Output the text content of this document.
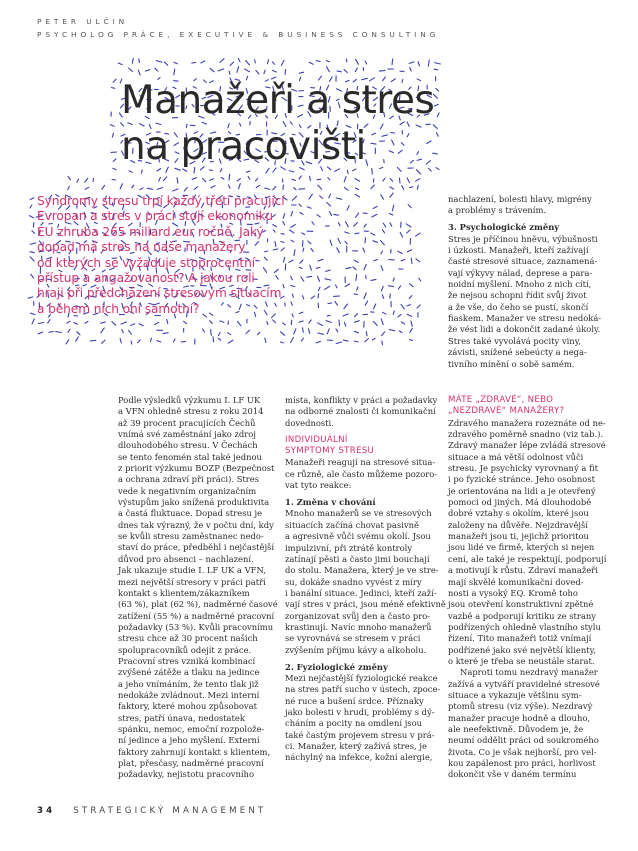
PETER ULČIN
PSYCHOLOG PRÁCE, EXECUTIVE & BUSINESS CONSULTING
Manažeři a stres
na pracovišti

Syndromy stresu trpí každý třetí pracující
Evropan a stres v práci stojí ekonomiku
EU zhruba 265 miliard eur ročně. Jaký
dopad má stres na naše manažery
od kterých se vyžaduje stoprocentní
přístup a angažovanost? A jakou roli
hraji při předcházení stresovým situacím
a během nich oni samotní?

Podle výsledků výzkumu I. LF UK
a VFN ohledně stresu z roku 2014
až 39 procent pracujících Čechů
vnímá své zaměstnání jako zdroj
dlouhodobého stresu. V Čechách
se tento fenomén stal také jednou
z priorit výzkumu BOZP (Bezpečnost
a ochrana zdraví při práci). Stres
vede k negativním organizačním
výstupům jako snížená produktivita
a častá fluktuace. Dopad stresu je
dnes tak výrazný, že v počtu dní, kdy
se kvůli stresu zaměstnanec nedo-
staví do práce, předběhl i nejčastější
důvod pro absenci – nachlazení.
Jak ukazuje studie I. LF UK a VFN,
mezi největší stresory v práci patří
kontakt s klientem/zákazníkem
(63 %), plat (62 %), nadměrné časové
zatížení (55 %) a nadměrné pracovní
požadavky (53 %). Kvůli pracovnímu
stresu chce až 30 procent našich
spolupracovníků odejít z práce.
Pracovní stres vzniká kombinací
zvýšené zátěže a tlaku na jedince
a jeho vnímáním, že tento tlak již
nedokáže zvládnout. Mezi interní
faktory, které mohou způsobovat
stres, patří únava, nedostatek
spánku, nemoc, emoční rozpolože-
ní jedince a jeho myšlení. Externí
faktory zahrnují kontakt s klientem,
plat, přesčasy, nadměrné pracovní
požadavky, nejistotu pracovního
místa, konflikty v práci a požadavky
na odborné znalosti či komunikační
dovednosti.
INDIVIDUÁLNÍ
SYMPTOMY STRESU
Manažeři reagují na stresové situa-
ce různě, ale často můžeme pozoro-
vat tyto reakce:
1. Změna v chování
Mnoho manažerů se ve stresových
situacích začíná chovat pasivně
a agresivně vůči svému okolí. Jsou
impulzivní, při ztrátě kontroly
zatínají pěsti a často jimi bouchají
do stolu. Manažera, který je ve stre-
su, dokáže snadno vyvést z míry
i banální situace. Jedinci, kteří zaží-
vají stres v práci, jsou méně efektivně
zorganizovat svůj den a často pro-
krastinují. Navíc mnoho manažerů
se vyrovnává se stresem v práci
zvýšením příjmu kávy a alkoholu.
2. Fyziologické změny
Mezi nejčastější fyziologické reakce
na stres patří sucho v ústech, zpoce-
né ruce a bušení srdce. Příznaky
jako bolesti v hrudi, problémy s dý-
cháním a pocity na omdlení jsou
také častým projevem stresu v prá-
ci. Manažer, který zažívá stres, je
náchylný na infekce, kožní alergie,
nachlazení, bolesti hlavy, migrény
a problémy s trávením.
3. Psychologické změny
Stres je příčinou hněvu, výbušnosti
i úzkosti. Manažeři, kteří zažívají
časté stresové situace, zaznamená-
vají výkyvy nálad, deprese a para-
noidní myšlení. Mnoho z nich cítí,
že nejsou schopni řídit svůj život
a že vše, do čeho se pustí, skončí
fiaskem. Manažer ve stresu nedoká-
že vést lidi a dokončit zadané úkoly.
Stres také vyvolává pocity viny,
závisti, snížené sebeúcty a nega-
tivního mínění o sobě samém.
MÁTE „ZDRAVÉ“, NEBO
„NEZDRAVÉ“ MANAŽERY?
Zdravého manažera rozeznáte od ne-
zdravého poměrně snadno (viz tab.).
Zdravý manažer lépe zvládá stresové
situace a má větší odolnost vůči
stresu. Je psychicky vyrovnaný a fit
i po fyzické stránce. Jeho osobnost
je orientována na lidi a je otevřený
pomoci od jiných. Má dlouhodobě
dobré vztahy s okolím, které jsou
založeny na důvěře. Nejzdravější
manažeři jsou ti, jejichž prioritou
jsou lidé ve firmě, kterých si nejen
cení, ale také je respektují, podporují
a motivují k růstu. Zdraví manažeři
mají skvělé komunikační doved-
nosti a vysoký EQ. Kromě toho
jsou otevření konstruktivní zpětné
vazbě a podporují kritiku ze strany
podřízených ohledně vlastního stylu
řízení. Tito manažeři totiž vnímají
podřízené jako své největší klienty,
o které je třeba se neustále starat.
Naproti tomu nezdravý manažer
zažívá a vytváří pravidelné stresové
situace a vykazuje většinu sym-
ptomů stresu (viz výše). Nezdravý
manažer pracuje hodně a dlouho,
ale neefektivně. Důvodem je, že
neumí oddělit práci od soukromého
života. Co je však nejhorší, pro vel-
kou zapálenost pro práci, horlivost
dokončit vše v daném termínu
34 STRATEGICKÝ MANAGEMENT
